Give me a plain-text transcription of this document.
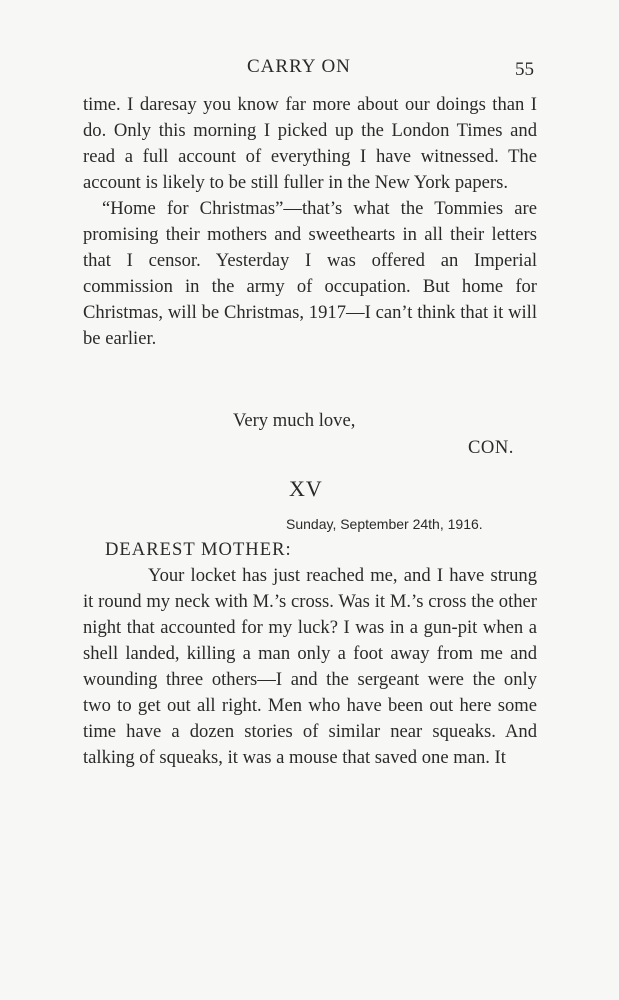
CARRY ON	55

time. I daresay you know far more about our doings than I do. Only this morning I picked up the London Times and read a full account of everything I have witnessed. The account is likely to be still fuller in the New York papers.

“Home for Christmas”—that’s what the Tommies are promising their mothers and sweethearts in all their letters that I censor. Yesterday I was offered an Imperial commission in the army of occupation. But home for Christmas, will be Christmas, 1917—I can’t think that it will be earlier.

Very much love,
CON.
XV
Sunday, September 24th, 1916.
DEAREST MOTHER:

Your locket has just reached me, and I have strung it round my neck with M.’s cross. Was it M.’s cross the other night that accounted for my luck? I was in a gun-pit when a shell landed, killing a man only a foot away from me and wounding three others—I and the sergeant were the only two to get out all right. Men who have been out here some time have a dozen stories of similar near squeaks. And talking of squeaks, it was a mouse that saved one man. It
